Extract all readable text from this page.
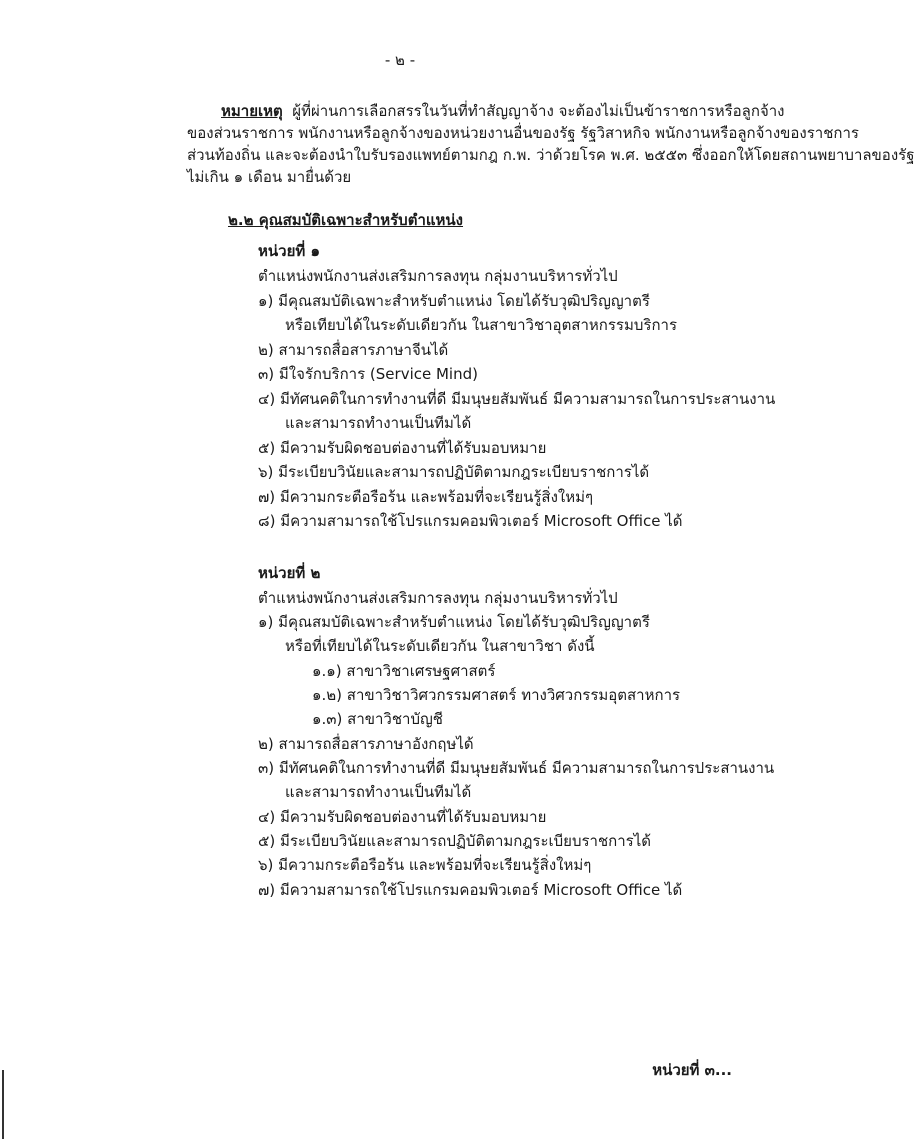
- ๒ -
หมายเหตุ ผู้ที่ผ่านการเลือกสรรในวันที่ทำสัญญาจ้าง จะต้องไม่เป็นข้าราชการหรือลูกจ้าง
ของส่วนราชการ พนักงานหรือลูกจ้างของหน่วยงานอื่นของรัฐ รัฐวิสาหกิจ พนักงานหรือลูกจ้างของราชการ
ส่วนท้องถิ่น และจะต้องนำใบรับรองแพทย์ตามกฎ ก.พ. ว่าด้วยโรค พ.ศ. ๒๕๕๓ ซึ่งออกให้โดยสถานพยาบาลของรัฐ
ไม่เกิน ๑ เดือน มายื่นด้วย
๒.๒ คุณสมบัติเฉพาะสำหรับตำแหน่ง
หน่วยที่ ๑
ตำแหน่งพนักงานส่งเสริมการลงทุน กลุ่มงานบริหารทั่วไป
๑) มีคุณสมบัติเฉพาะสำหรับตำแหน่ง โดยได้รับวุฒิปริญญาตรี
หรือเทียบได้ในระดับเดียวกัน ในสาขาวิชาอุตสาหกรรมบริการ
๒) สามารถสื่อสารภาษาจีนได้
๓) มีใจรักบริการ (Service Mind)
๔) มีทัศนคติในการทำงานที่ดี มีมนุษยสัมพันธ์ มีความสามารถในการประสานงาน
และสามารถทำงานเป็นทีมได้
๕) มีความรับผิดชอบต่องานที่ได้รับมอบหมาย
๖) มีระเบียบวินัยและสามารถปฏิบัติตามกฎระเบียบราชการได้
๗) มีความกระตือรือร้น และพร้อมที่จะเรียนรู้สิ่งใหม่ๆ
๘) มีความสามารถใช้โปรแกรมคอมพิวเตอร์ Microsoft Office ได้
หน่วยที่ ๒
ตำแหน่งพนักงานส่งเสริมการลงทุน กลุ่มงานบริหารทั่วไป
๑) มีคุณสมบัติเฉพาะสำหรับตำแหน่ง โดยได้รับวุฒิปริญญาตรี
หรือที่เทียบได้ในระดับเดียวกัน ในสาขาวิชา ดังนี้
๑.๑) สาขาวิชาเศรษฐศาสตร์
๑.๒) สาขาวิชาวิศวกรรมศาสตร์ ทางวิศวกรรมอุตสาหการ
๑.๓) สาขาวิชาบัญชี
๒) สามารถสื่อสารภาษาอังกฤษได้
๓) มีทัศนคติในการทำงานที่ดี มีมนุษยสัมพันธ์ มีความสามารถในการประสานงาน
และสามารถทำงานเป็นทีมได้
๔) มีความรับผิดชอบต่องานที่ได้รับมอบหมาย
๕) มีระเบียบวินัยและสามารถปฏิบัติตามกฎระเบียบราชการได้
๖) มีความกระตือรือร้น และพร้อมที่จะเรียนรู้สิ่งใหม่ๆ
๗) มีความสามารถใช้โปรแกรมคอมพิวเตอร์ Microsoft Office ได้
หน่วยที่ ๓...
